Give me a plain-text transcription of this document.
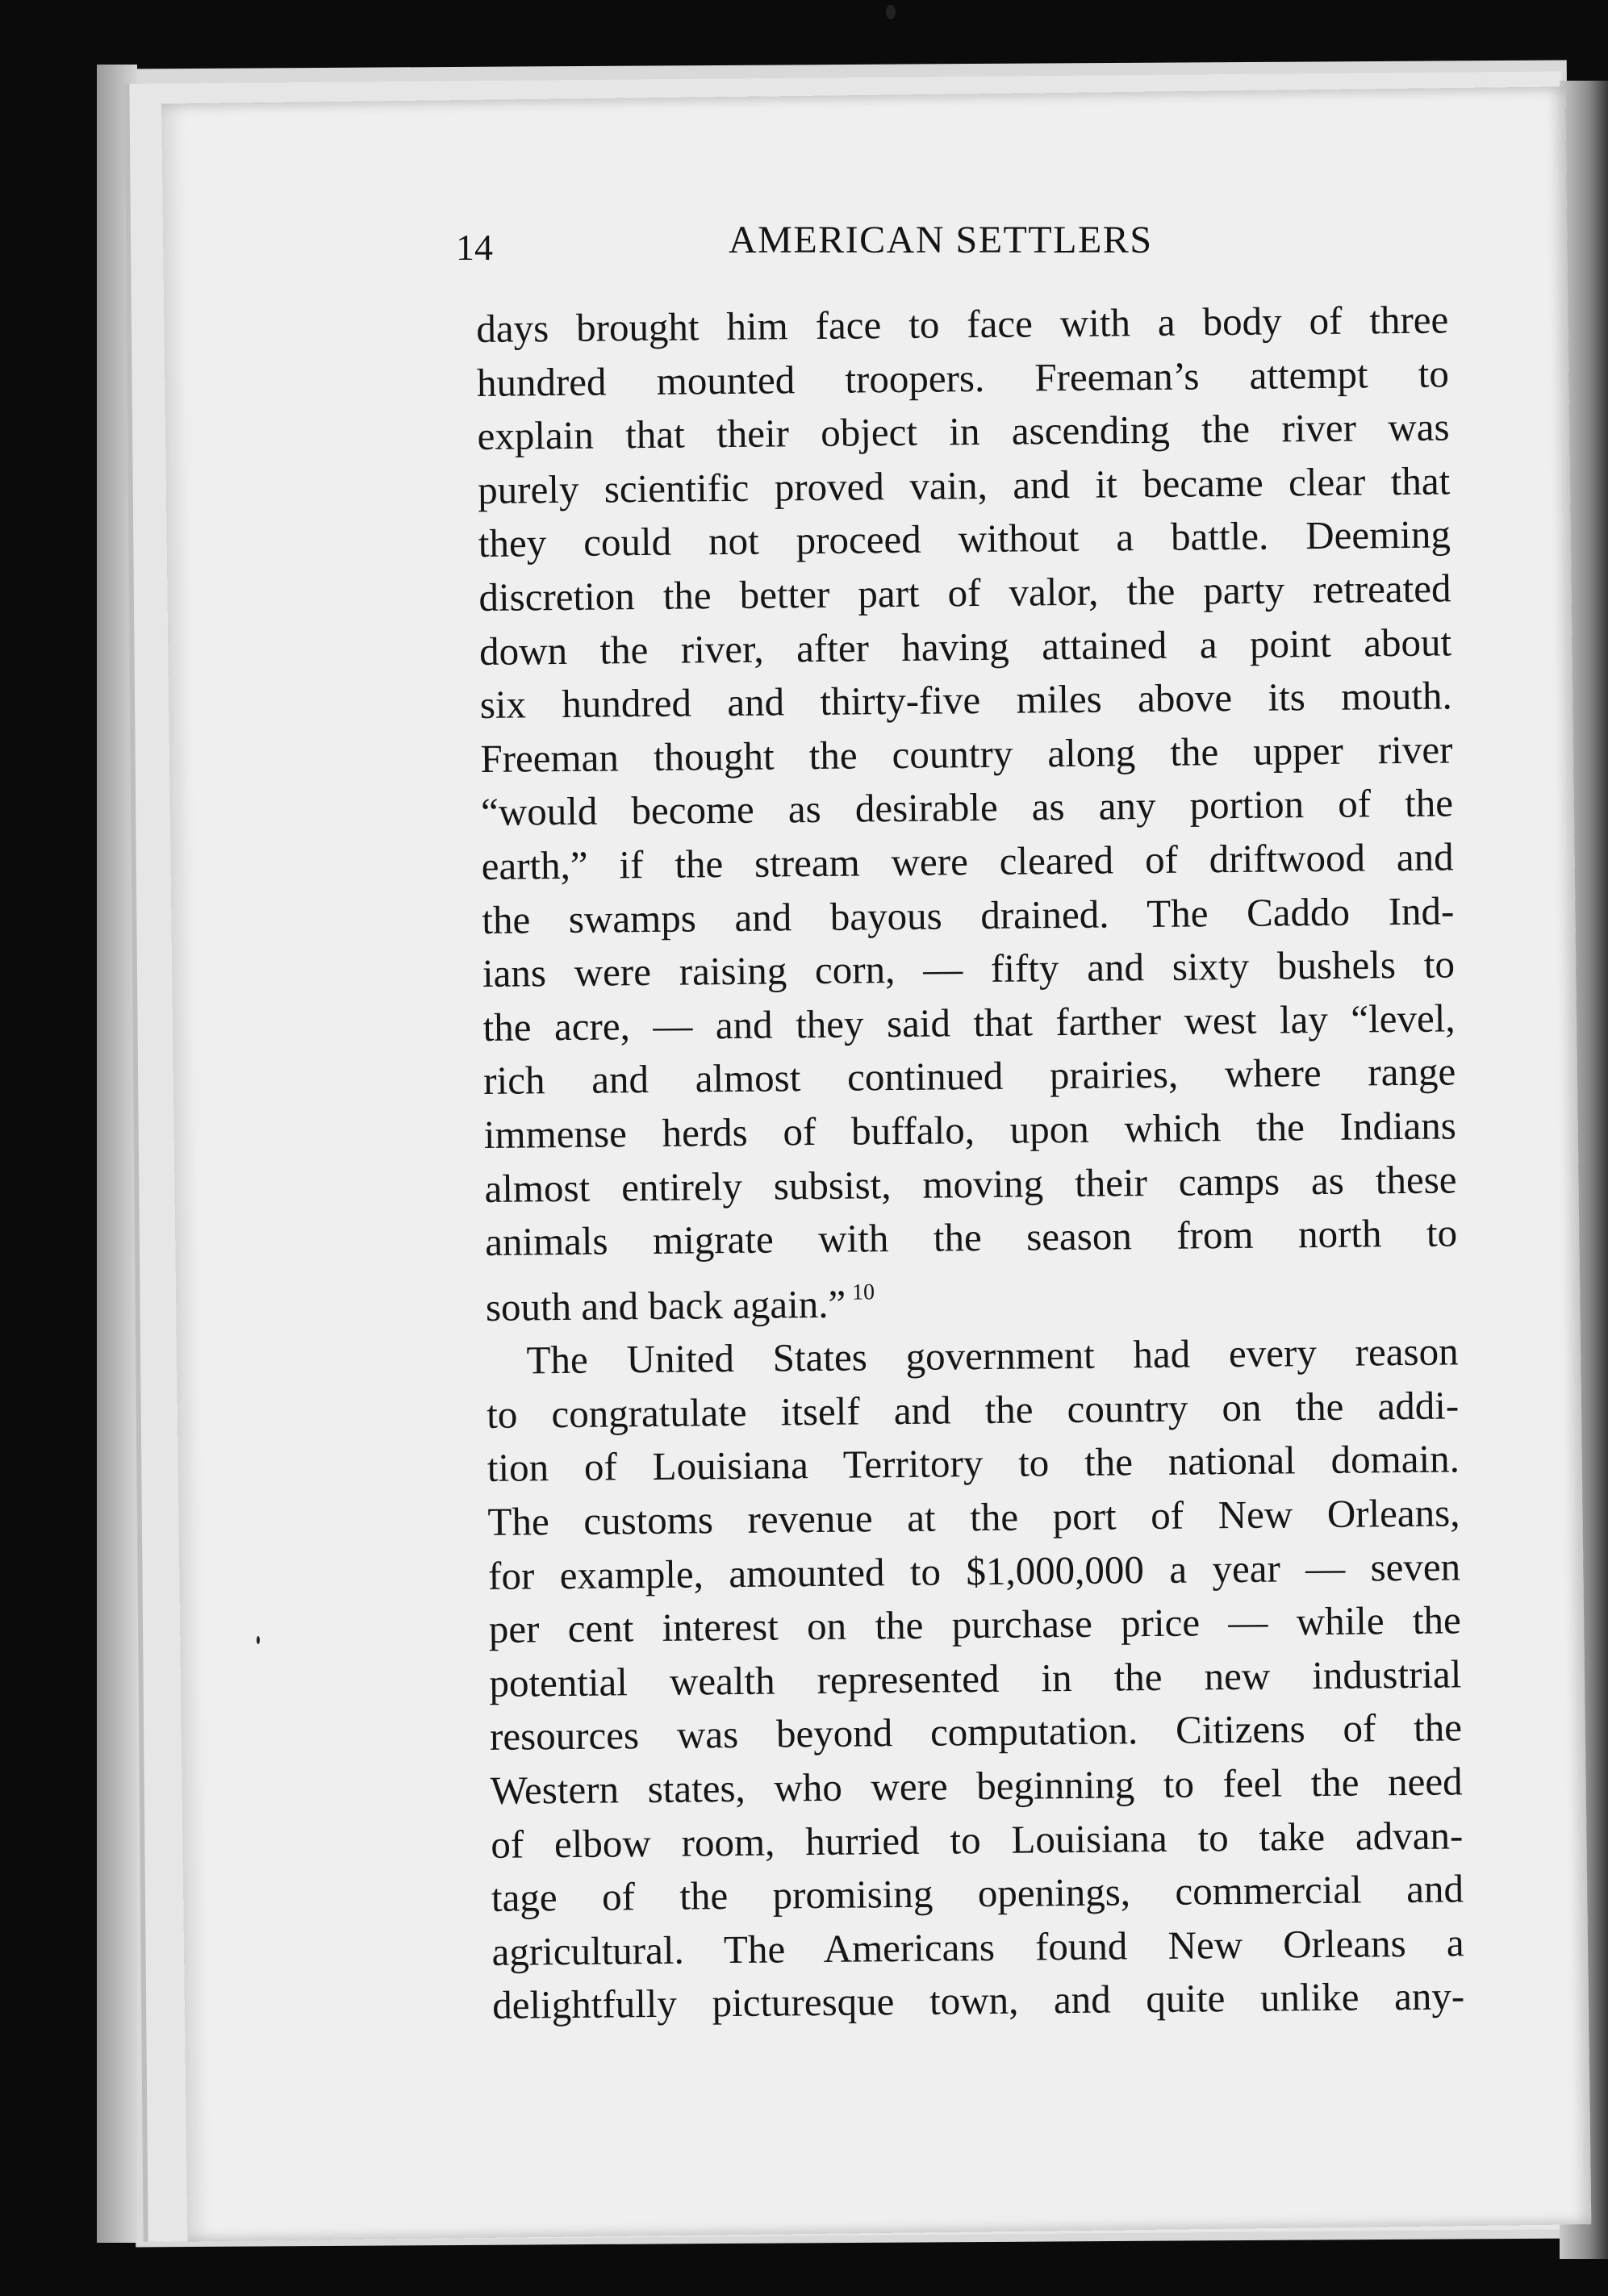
14	AMERICAN SETTLERS
days brought him face to face with a body of three
hundred mounted troopers. Freeman’s attempt to
explain that their object in ascending the river was
purely scientific proved vain, and it became clear that
they could not proceed without a battle. Deeming
discretion the better part of valor, the party retreated
down the river, after having attained a point about
six hundred and thirty-five miles above its mouth.
Freeman thought the country along the upper river
“would become as desirable as any portion of the
earth,” if the stream were cleared of driftwood and
the swamps and bayous drained. The Caddo Ind-
ians were raising corn, — fifty and sixty bushels to
the acre, — and they said that farther west lay “level,
rich and almost continued prairies, where range
immense herds of buffalo, upon which the Indians
almost entirely subsist, moving their camps as these
animals migrate with the season from north to
south and back again.” $^{10}$
The United States government had every reason
to congratulate itself and the country on the addi-
tion of Louisiana Territory to the national domain.
The customs revenue at the port of New Orleans,
for example, amounted to $1,000,000 a year — seven
per cent interest on the purchase price — while the
potential wealth represented in the new industrial
resources was beyond computation. Citizens of the
Western states, who were beginning to feel the need
of elbow room, hurried to Louisiana to take advan-
tage of the promising openings, commercial and
agricultural. The Americans found New Orleans a
delightfully picturesque town, and quite unlike any-
